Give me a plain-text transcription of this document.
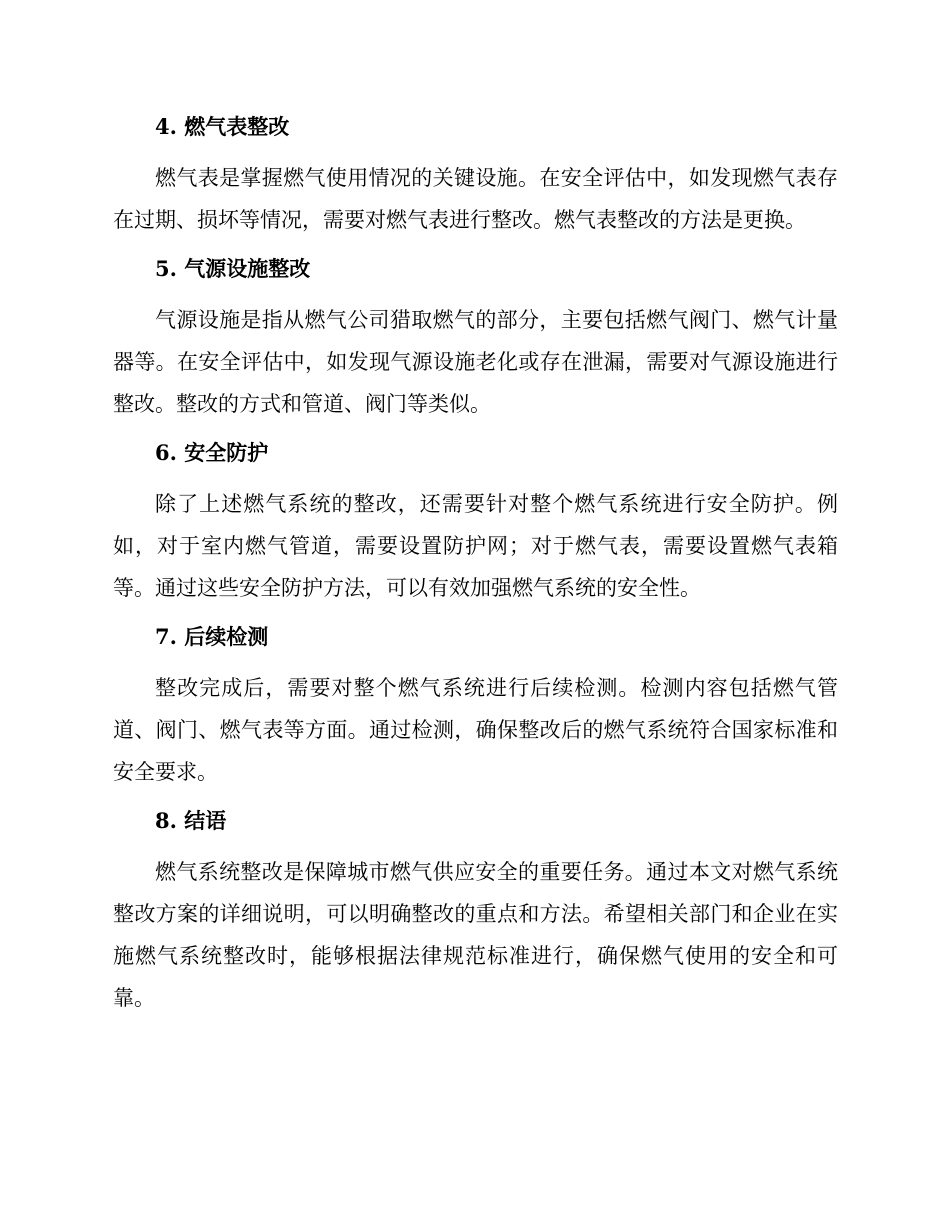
4. 燃气表整改

燃气表是掌握燃气使用情况的关键设施。在安全评估中，如发现燃气表存在过期、损坏等情况，需要对燃气表进行整改。燃气表整改的方法是更换。

5. 气源设施整改

气源设施是指从燃气公司猎取燃气的部分，主要包括燃气阀门、燃气计量器等。在安全评估中，如发现气源设施老化或存在泄漏，需要对气源设施进行整改。整改的方式和管道、阀门等类似。

6. 安全防护

除了上述燃气系统的整改，还需要针对整个燃气系统进行安全防护。例如，对于室内燃气管道，需要设置防护网；对于燃气表，需要设置燃气表箱等。通过这些安全防护方法，可以有效加强燃气系统的安全性。

7. 后续检测

整改完成后，需要对整个燃气系统进行后续检测。检测内容包括燃气管道、阀门、燃气表等方面。通过检测，确保整改后的燃气系统符合国家标准和安全要求。

8. 结语

燃气系统整改是保障城市燃气供应安全的重要任务。通过本文对燃气系统整改方案的详细说明，可以明确整改的重点和方法。希望相关部门和企业在实施燃气系统整改时，能够根据法律规范标准进行，确保燃气使用的安全和可靠。
